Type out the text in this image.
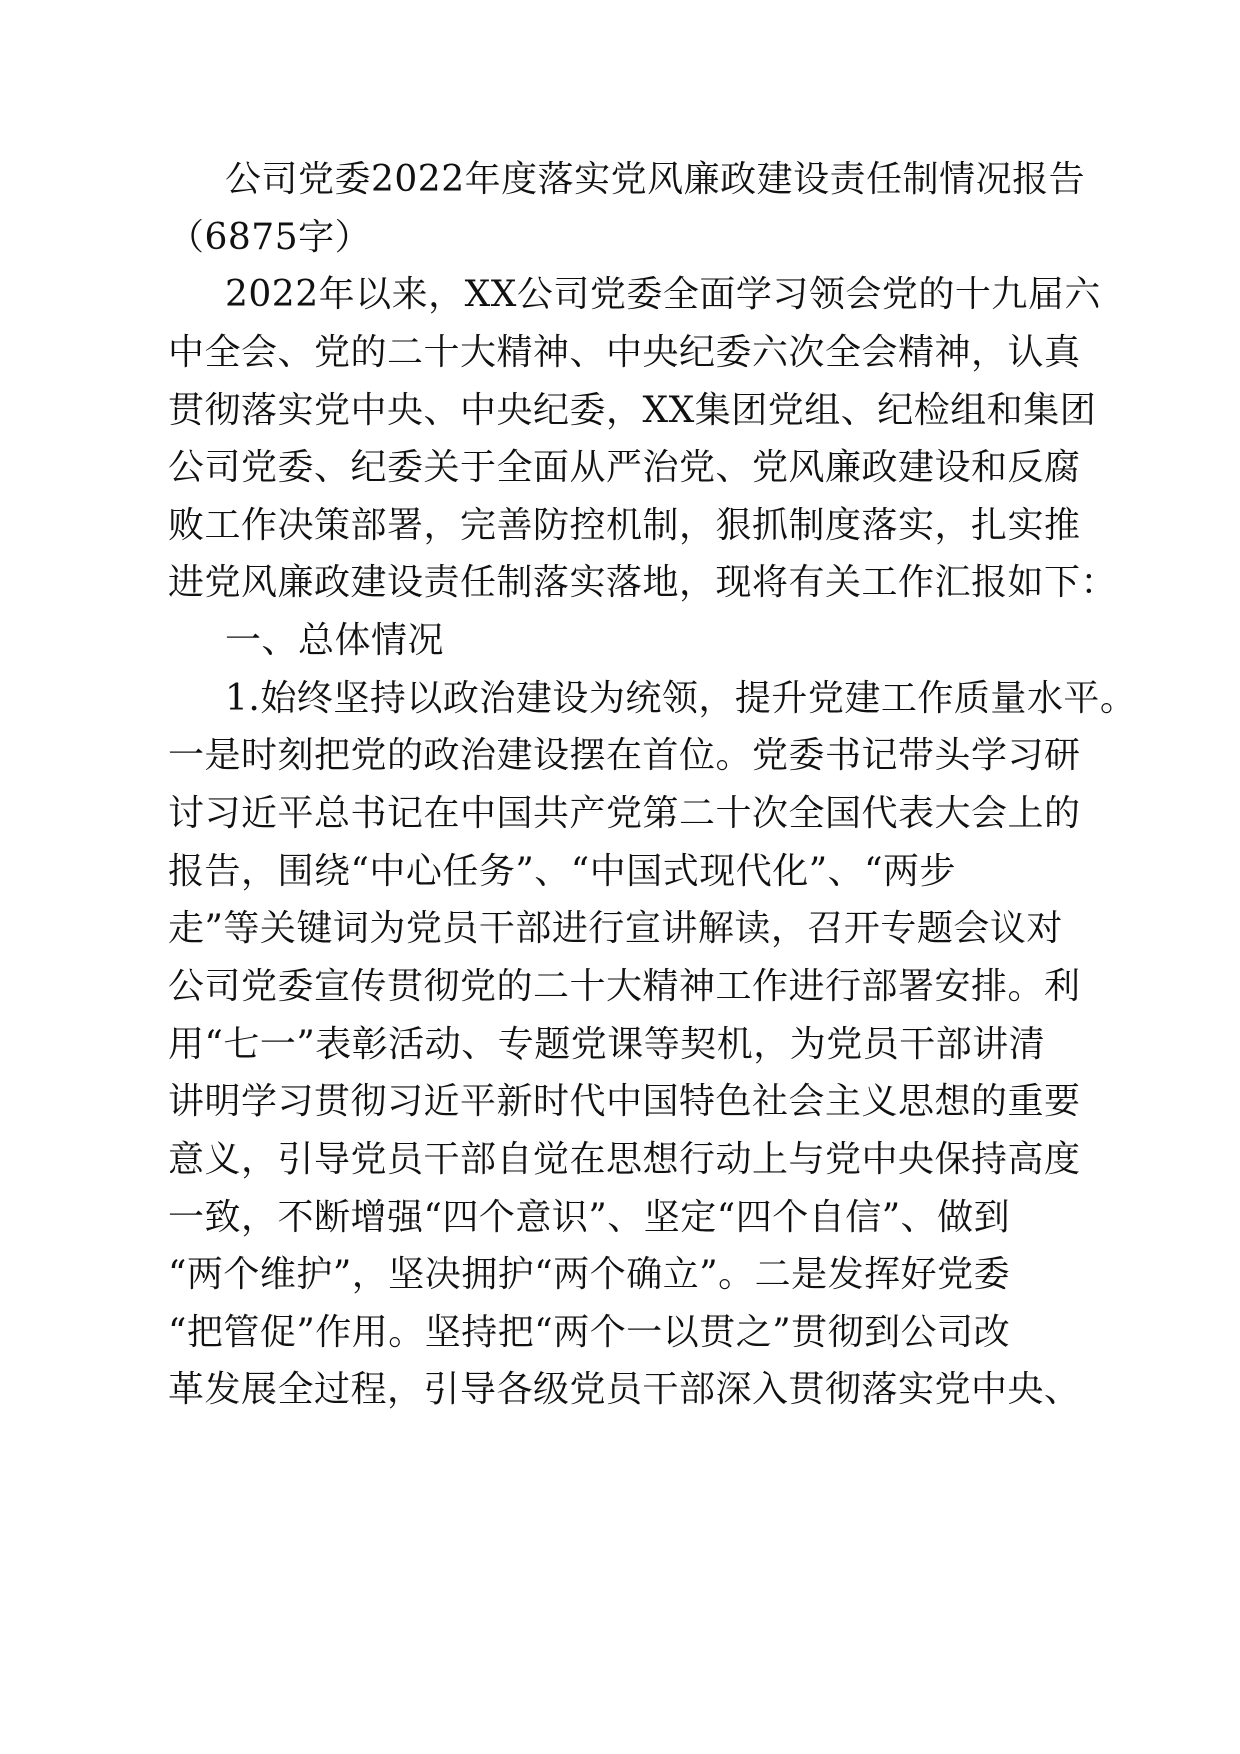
公司党委2022年度落实党风廉政建设责任制情况报告

（6875字）

2022年以来，XX公司党委全面学习领会党的十九届六

中全会、党的二十大精神、中央纪委六次全会精神，认真

贯彻落实党中央、中央纪委，XX集团党组、纪检组和集团

公司党委、纪委关于全面从严治党、党风廉政建设和反腐

败工作决策部署，完善防控机制，狠抓制度落实，扎实推

进党风廉政建设责任制落实落地，现将有关工作汇报如下：

一、总体情况

1.始终坚持以政治建设为统领，提升党建工作质量水平。

一是时刻把党的政治建设摆在首位。党委书记带头学习研

讨习近平总书记在中国共产党第二十次全国代表大会上的

报告，围绕“中心任务”、“中国式现代化”、“两步

走”等关键词为党员干部进行宣讲解读，召开专题会议对

公司党委宣传贯彻党的二十大精神工作进行部署安排。利

用“七一”表彰活动、专题党课等契机，为党员干部讲清

讲明学习贯彻习近平新时代中国特色社会主义思想的重要

意义，引导党员干部自觉在思想行动上与党中央保持高度

一致，不断增强“四个意识”、坚定“四个自信”、做到

“两个维护”，坚决拥护“两个确立”。二是发挥好党委

“把管促”作用。坚持把“两个一以贯之”贯彻到公司改

革发展全过程，引导各级党员干部深入贯彻落实党中央、
